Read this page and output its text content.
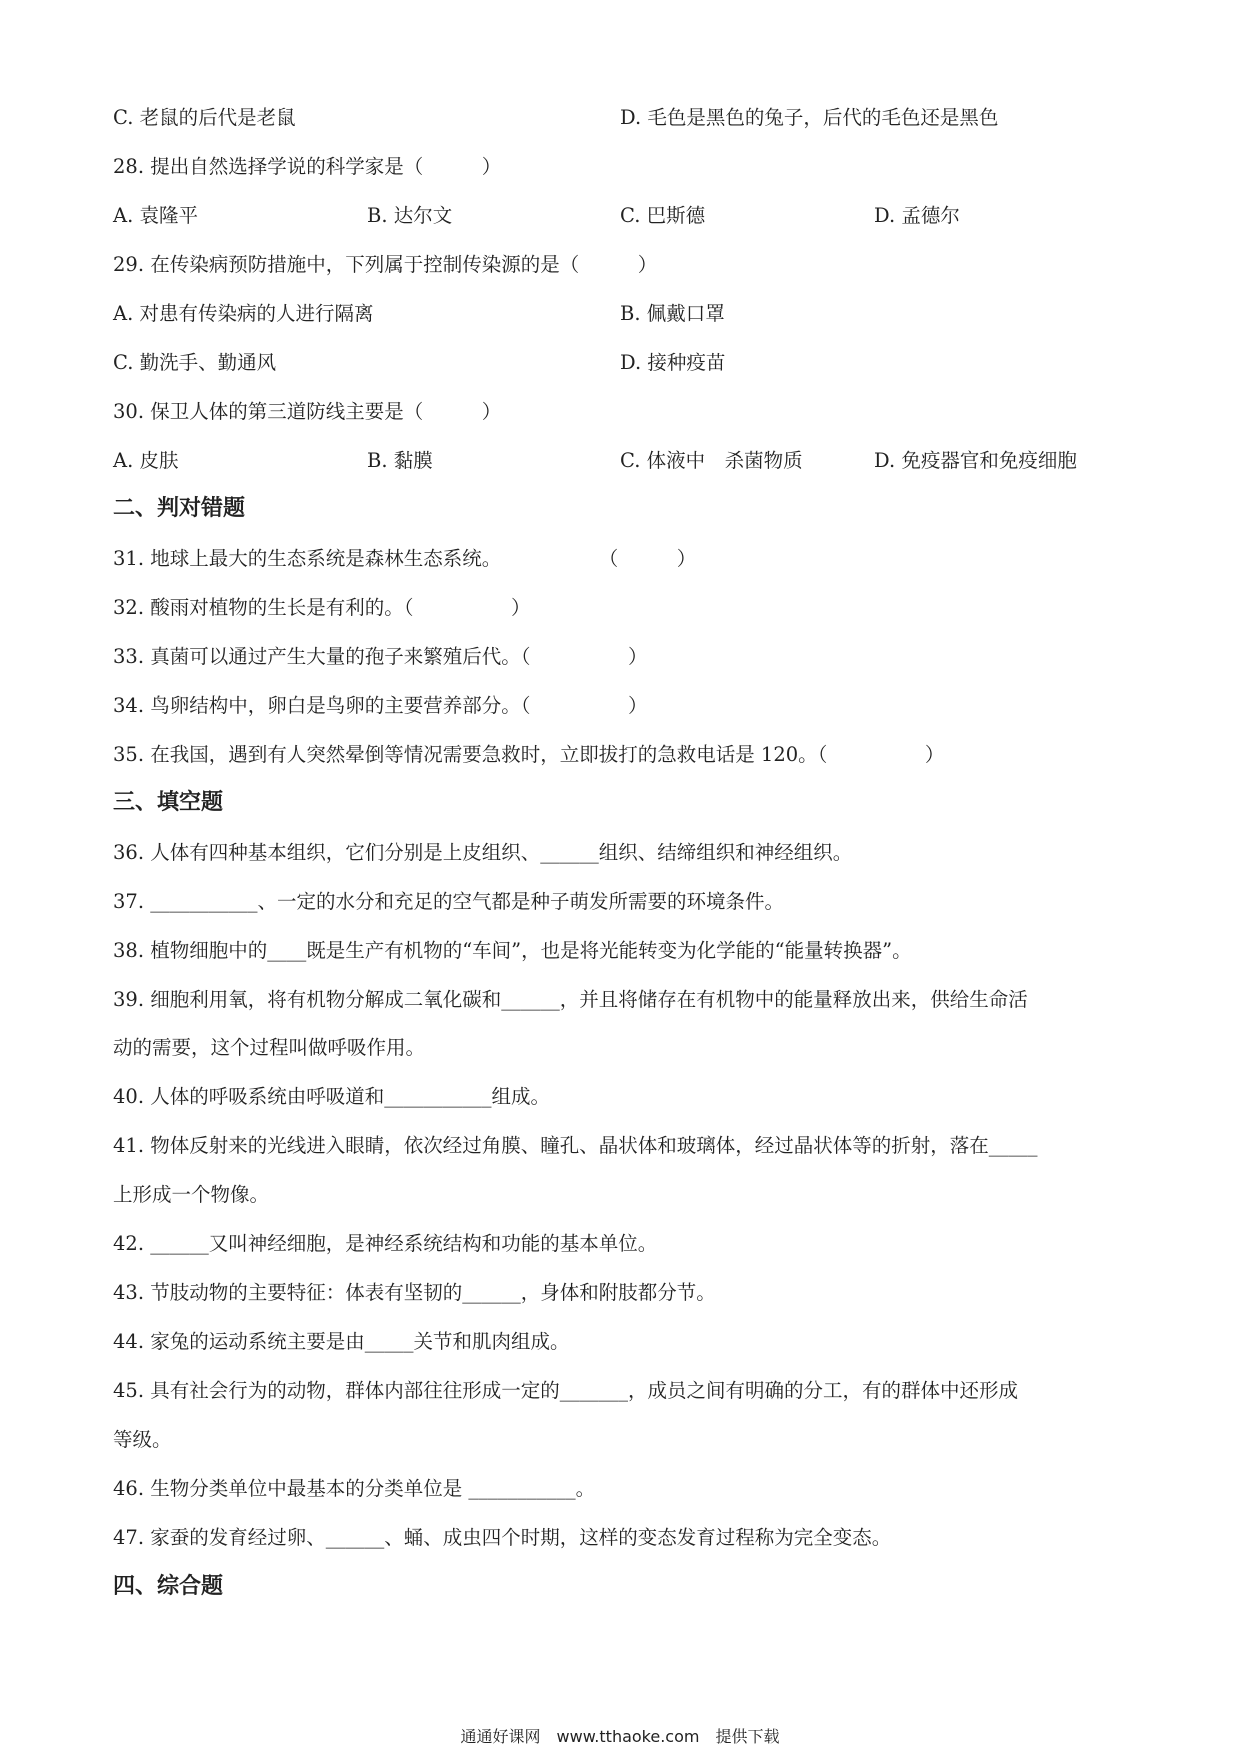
C. 老鼠的后代是老鼠	D. 毛色是黑色的兔子，后代的毛色还是黑色
28. 提出自然选择学说的科学家是（　　　）
A. 袁隆平	B. 达尔文	C. 巴斯德	D. 孟德尔
29. 在传染病预防措施中，下列属于控制传染源的是（　　　）
A. 对患有传染病的人进行隔离	B. 佩戴口罩
C. 勤洗手、勤通风	D. 接种疫苗
30. 保卫人体的第三道防线主要是（　　　）
A. 皮肤	B. 黏膜	C. 体液中　杀菌物质	D. 免疫器官和免疫细胞
二、判对错题
31. 地球上最大的生态系统是森林生态系统。　　　　　　（　　　）
32. 酸雨对植物的生长是有利的。（　　　　　）
33. 真菌可以通过产生大量的孢子来繁殖后代。（　　　　　）
34. 鸟卵结构中，卵白是鸟卵的主要营养部分。（　　　　　）
35. 在我国，遇到有人突然晕倒等情况需要急救时，立即拔打的急救电话是 120。（　　　　　）
三、填空题
36. 人体有四种基本组织，它们分别是上皮组织、______组织、结缔组织和神经组织。
37. ___________、一定的水分和充足的空气都是种子萌发所需要的环境条件。
38. 植物细胞中的____既是生产有机物的“车间”，也是将光能转变为化学能的“能量转换器”。
39. 细胞利用氧，将有机物分解成二氧化碳和______，并且将储存在有机物中的能量释放出来，供给生命活
动的需要，这个过程叫做呼吸作用。
40. 人体的呼吸系统由呼吸道和___________组成。
41. 物体反射来的光线进入眼睛，依次经过角膜、瞳孔、晶状体和玻璃体，经过晶状体等的折射，落在_____
上形成一个物像。
42. ______又叫神经细胞，是神经系统结构和功能的基本单位。
43. 节肢动物的主要特征：体表有坚韧的______，身体和附肢都分节。
44. 家兔的运动系统主要是由_____关节和肌肉组成。
45. 具有社会行为的动物，群体内部往往形成一定的_______，成员之间有明确的分工，有的群体中还形成
等级。
46. 生物分类单位中最基本的分类单位是 ___________。
47. 家蚕的发育经过卵、______、蛹、成虫四个时期，这样的变态发育过程称为完全变态。
四、综合题
通通好课网　www.tthaoke.com　提供下载
